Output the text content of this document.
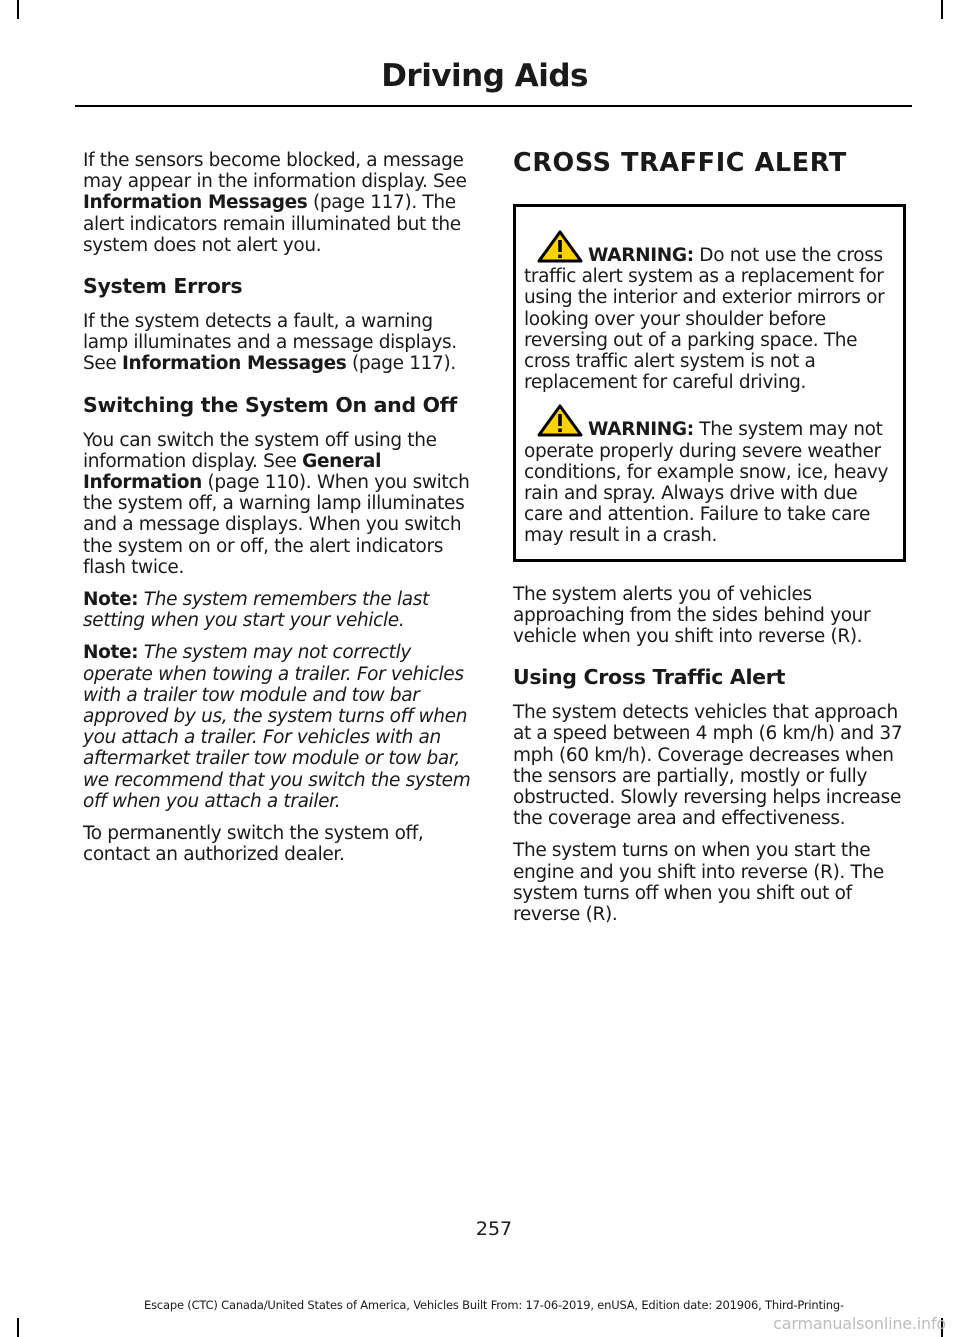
Driving Aids

If the sensors become blocked, a message may appear in the information display. See Information Messages (page 117). The alert indicators remain illuminated but the system does not alert you.

System Errors

If the system detects a fault, a warning lamp illuminates and a message displays. See Information Messages (page 117).

Switching the System On and Off

You can switch the system off using the information display. See General Information (page 110). When you switch the system off, a warning lamp illuminates and a message displays. When you switch the system on or off, the alert indicators flash twice.

Note: The system remembers the last setting when you start your vehicle.

Note: The system may not correctly operate when towing a trailer. For vehicles with a trailer tow module and tow bar approved by us, the system turns off when you attach a trailer. For vehicles with an aftermarket trailer tow module or tow bar, we recommend that you switch the system off when you attach a trailer.

To permanently switch the system off, contact an authorized dealer.

CROSS TRAFFIC ALERT

WARNING: Do not use the cross traffic alert system as a replacement for using the interior and exterior mirrors or looking over your shoulder before reversing out of a parking space. The cross traffic alert system is not a replacement for careful driving.

WARNING: The system may not operate properly during severe weather conditions, for example snow, ice, heavy rain and spray. Always drive with due care and attention. Failure to take care may result in a crash.

The system alerts you of vehicles approaching from the sides behind your vehicle when you shift into reverse (R).

Using Cross Traffic Alert

The system detects vehicles that approach at a speed between 4 mph (6 km/h) and 37 mph (60 km/h). Coverage decreases when the sensors are partially, mostly or fully obstructed. Slowly reversing helps increase the coverage area and effectiveness.

The system turns on when you start the engine and you shift into reverse (R). The system turns off when you shift out of reverse (R).

257

Escape (CTC) Canada/United States of America, Vehicles Built From: 17-06-2019, enUSA, Edition date: 201906, Third-Printing-

carmanualsonline.info
